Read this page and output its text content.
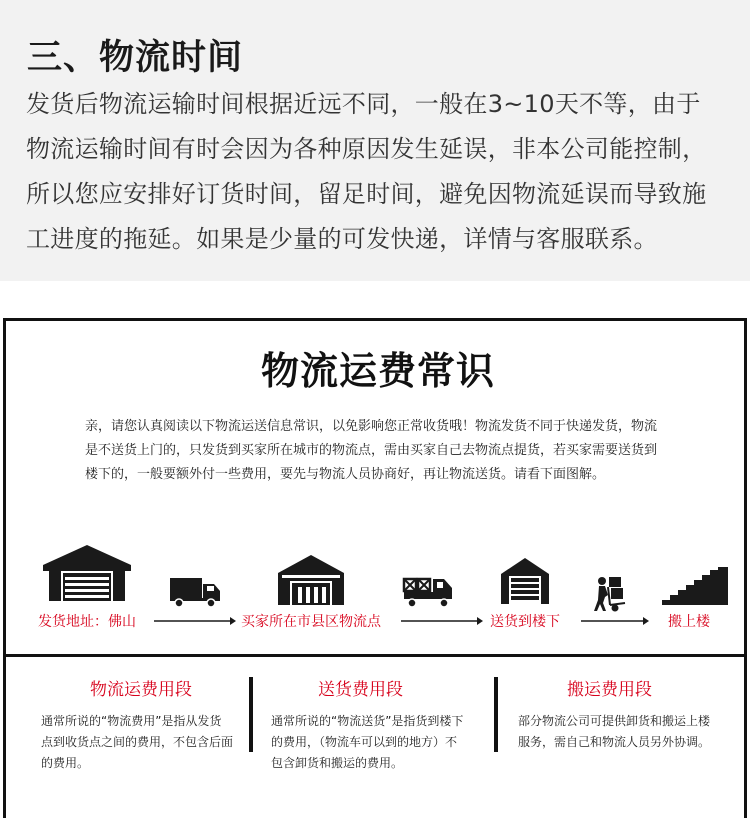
三、物流时间
发货后物流运输时间根据近远不同，一般在3~10天不等，由于
物流运输时间有时会因为各种原因发生延误，非本公司能控制，
所以您应安排好订货时间，留足时间，避免因物流延误而导致施
工进度的拖延。如果是少量的可发快递，详情与客服联系。
物流运费常识
亲，请您认真阅读以下物流运送信息常识，以免影响您正常收货哦！物流发货不同于快递发货，物流
是不送货上门的，只发货到买家所在城市的物流点，需由买家自己去物流点提货，若买家需要送货到
楼下的，一般要额外付一些费用，要先与物流人员协商好，再让物流送货。请看下面图解。
发货地址：佛山	买家所在市县区物流点	送货到楼下	搬上楼
物流运费用段
通常所说的“物流费用”是指从发货
点到收货点之间的费用，不包含后面
的费用。
送货费用段
通常所说的“物流送货”是指货到楼下
的费用，（物流车可以到的地方）不
包含卸货和搬运的费用。
搬运费用段
部分物流公司可提供卸货和搬运上楼
服务，需自己和物流人员另外协调。
